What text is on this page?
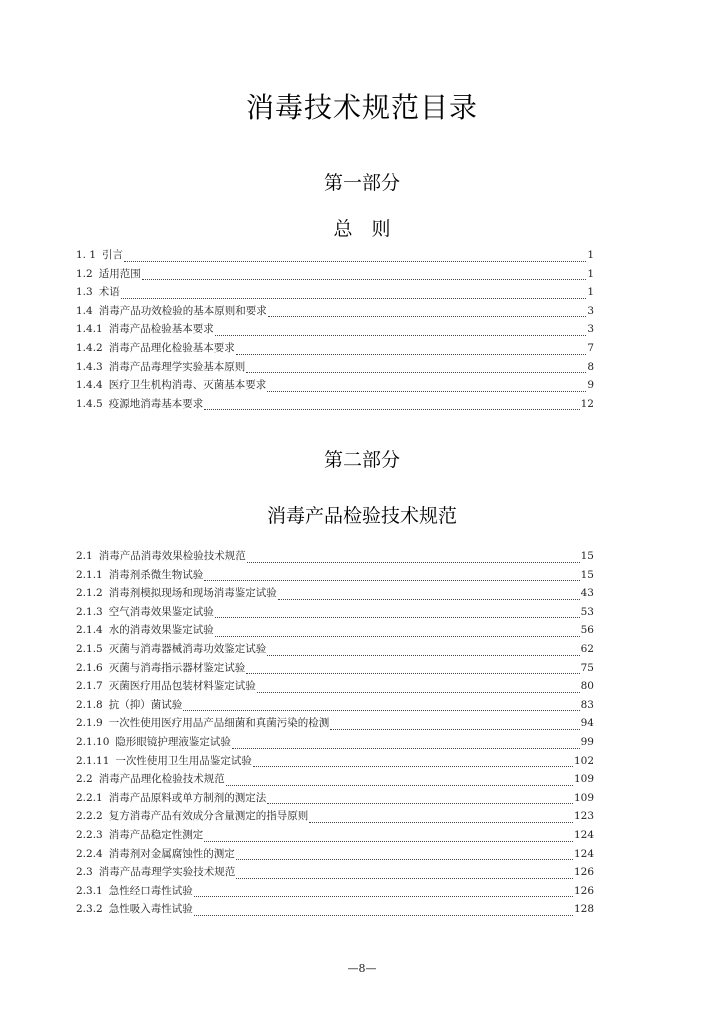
消毒技术规范目录
第一部分
总　则
1. 1 引言	1
1.2 适用范围	1
1.3 术语	1
1.4 消毒产品功效检验的基本原则和要求	3
1.4.1 消毒产品检验基本要求	3
1.4.2 消毒产品理化检验基本要求	7
1.4.3 消毒产品毒理学实验基本原则	8
1.4.4 医疗卫生机构消毒、灭菌基本要求	9
1.4.5 疫源地消毒基本要求	12
第二部分
消毒产品检验技术规范
2.1 消毒产品消毒效果检验技术规范	15
2.1.1 消毒剂杀微生物试验	15
2.1.2 消毒剂模拟现场和现场消毒鉴定试验	43
2.1.3 空气消毒效果鉴定试验	53
2.1.4 水的消毒效果鉴定试验	56
2.1.5 灭菌与消毒器械消毒功效鉴定试验	62
2.1.6 灭菌与消毒指示器材鉴定试验	75
2.1.7 灭菌医疗用品包装材料鉴定试验	80
2.1.8 抗（抑）菌试验	83
2.1.9 一次性使用医疗用品产品细菌和真菌污染的检测	94
2.1.10 隐形眼镜护理液鉴定试验	99
2.1.11 一次性使用卫生用品鉴定试验	102
2.2 消毒产品理化检验技术规范	109
2.2.1 消毒产品原料或单方制剂的测定法	109
2.2.2 复方消毒产品有效成分含量测定的指导原则	123
2.2.3 消毒产品稳定性测定	124
2.2.4 消毒剂对金属腐蚀性的测定	124
2.3 消毒产品毒理学实验技术规范	126
2.3.1 急性经口毒性试验	126
2.3.2 急性吸入毒性试验	128
—8—
